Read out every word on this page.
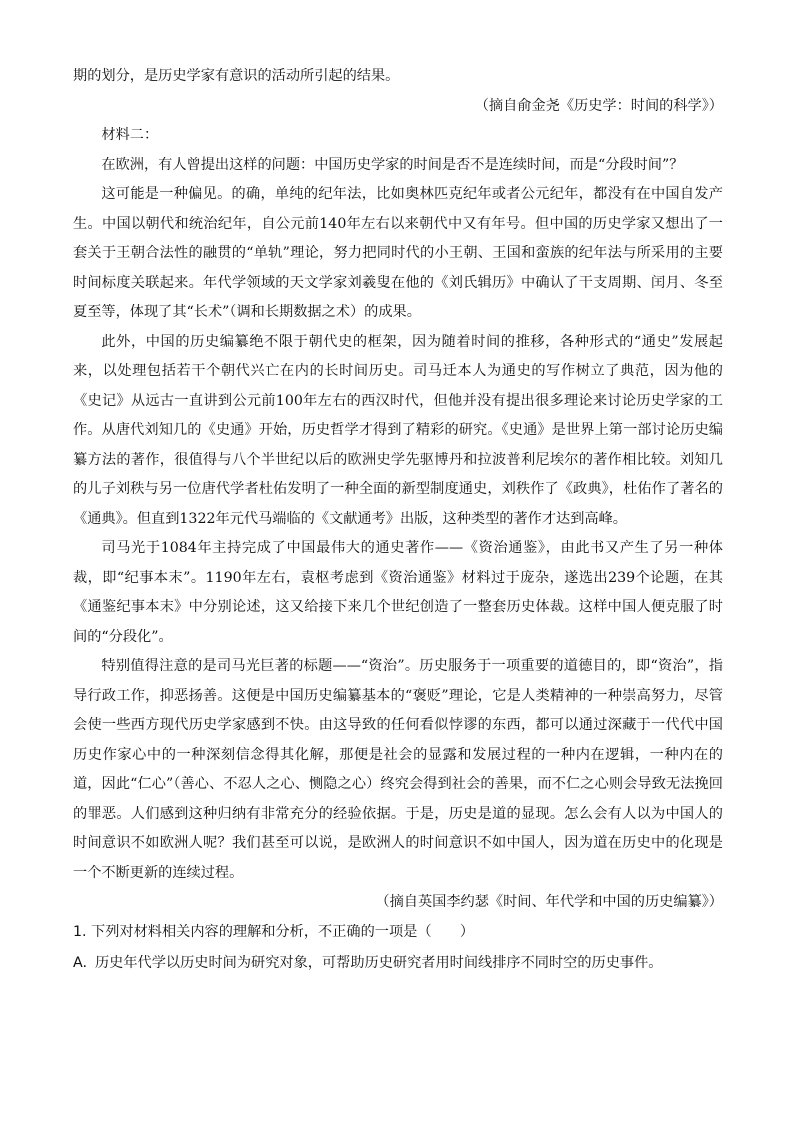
期的划分，是历史学家有意识的活动所引起的结果。

（摘自俞金尧《历史学：时间的科学》）

材料二：

在欧洲，有人曾提出这样的问题：中国历史学家的时间是否不是连续时间，而是“分段时间”？

这可能是一种偏见。的确，单纯的纪年法，比如奥林匹克纪年或者公元纪年，都没有在中国自发产生。中国以朝代和统治纪年，自公元前140年左右以来朝代中又有年号。但中国的历史学家又想出了一套关于王朝合法性的融贯的“单轨”理论，努力把同时代的小王朝、王国和蛮族的纪年法与所采用的主要时间标度关联起来。年代学领域的天文学家刘羲叟在他的《刘氏辑历》中确认了干支周期、闰月、冬至夏至等，体现了其“长术”（调和长期数据之术）的成果。

此外，中国的历史编纂绝不限于朝代史的框架，因为随着时间的推移，各种形式的“通史”发展起来，以处理包括若干个朝代兴亡在内的长时间历史。司马迁本人为通史的写作树立了典范，因为他的《史记》从远古一直讲到公元前100年左右的西汉时代，但他并没有提出很多理论来讨论历史学家的工作。从唐代刘知几的《史通》开始，历史哲学才得到了精彩的研究。《史通》是世界上第一部讨论历史编纂方法的著作，很值得与八个半世纪以后的欧洲史学先驱博丹和拉波普利尼埃尔的著作相比较。刘知几的儿子刘秩与另一位唐代学者杜佑发明了一种全面的新型制度通史，刘秩作了《政典》，杜佑作了著名的《通典》。但直到1322年元代马端临的《文献通考》出版，这种类型的著作才达到高峰。

司马光于1084年主持完成了中国最伟大的通史著作——《资治通鉴》，由此书又产生了另一种体裁，即“纪事本末”。1190年左右，袁枢考虑到《资治通鉴》材料过于庞杂，遂选出239个论题，在其《通鉴纪事本末》中分别论述，这又给接下来几个世纪创造了一整套历史体裁。这样中国人便克服了时间的“分段化”。

特别值得注意的是司马光巨著的标题——“资治”。历史服务于一项重要的道德目的，即“资治”，指导行政工作，抑恶扬善。这便是中国历史编纂基本的“褒贬”理论，它是人类精神的一种崇高努力，尽管会使一些西方现代历史学家感到不快。由这导致的任何看似悖谬的东西，都可以通过深藏于一代代中国历史作家心中的一种深刻信念得其化解，那便是社会的显露和发展过程的一种内在逻辑，一种内在的道，因此“仁心”（善心、不忍人之心、恻隐之心）终究会得到社会的善果，而不仁之心则会导致无法挽回的罪恶。人们感到这种归纳有非常充分的经验依据。于是，历史是道的显现。怎么会有人以为中国人的时间意识不如欧洲人呢？我们甚至可以说，是欧洲人的时间意识不如中国人，因为道在历史中的化现是一个不断更新的连续过程。

（摘自英国李约瑟《时间、年代学和中国的历史编纂》）

1. 下列对材料相关内容的理解和分析，不正确的一项是（　　）

A. 历史年代学以历史时间为研究对象，可帮助历史研究者用时间线排序不同时空的历史事件。
